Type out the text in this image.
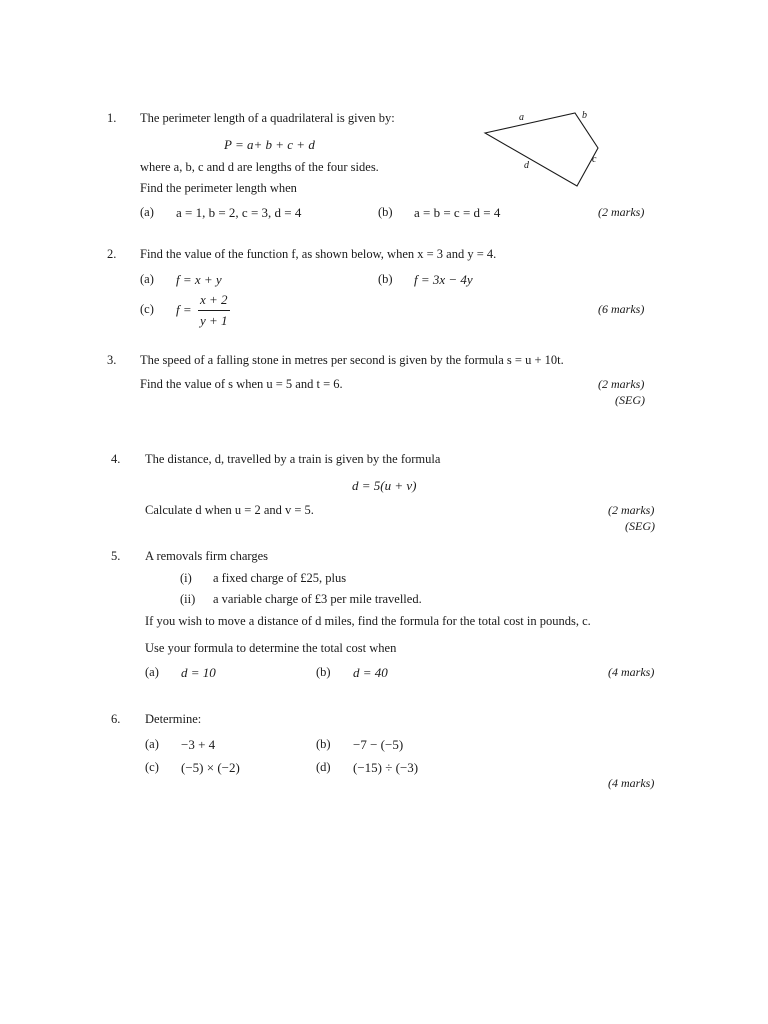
1. The perimeter length of a quadrilateral is given by:
P = a+ b + c + d
where a, b, c and d are lengths of the four sides.
Find the perimeter length when
(a) a = 1, b = 2, c = 3, d = 4	(b) a = b = c = d = 4	(2 marks)
a	b
c
d
2. Find the value of the function f, as shown below, when x = 3 and y = 4.
(a) f = x + y	(b) f = 3x − 4y
(c) $f = \frac{x + 2}{y + 1}$	(6 marks)
3. The speed of a falling stone in metres per second is given by the formula s = u + 10t.
Find the value of s when u = 5 and t = 6.	(2 marks)
(SEG)
4. The distance, d, travelled by a train is given by the formula
d = 5(u + v)
Calculate d when u = 2 and v = 5.	(2 marks)
(SEG)
5. A removals firm charges
(i) a fixed charge of £25, plus
(ii) a variable charge of £3 per mile travelled.
If you wish to move a distance of d miles, find the formula for the total cost in pounds, c.
Use your formula to determine the total cost when
(a) d = 10	(b) d = 40	(4 marks)
6. Determine:
(a) −3 + 4	(b) −7 − (−5)
(c) (−5) × (−2)	(d) (−15) ÷ (−3)
(4 marks)
